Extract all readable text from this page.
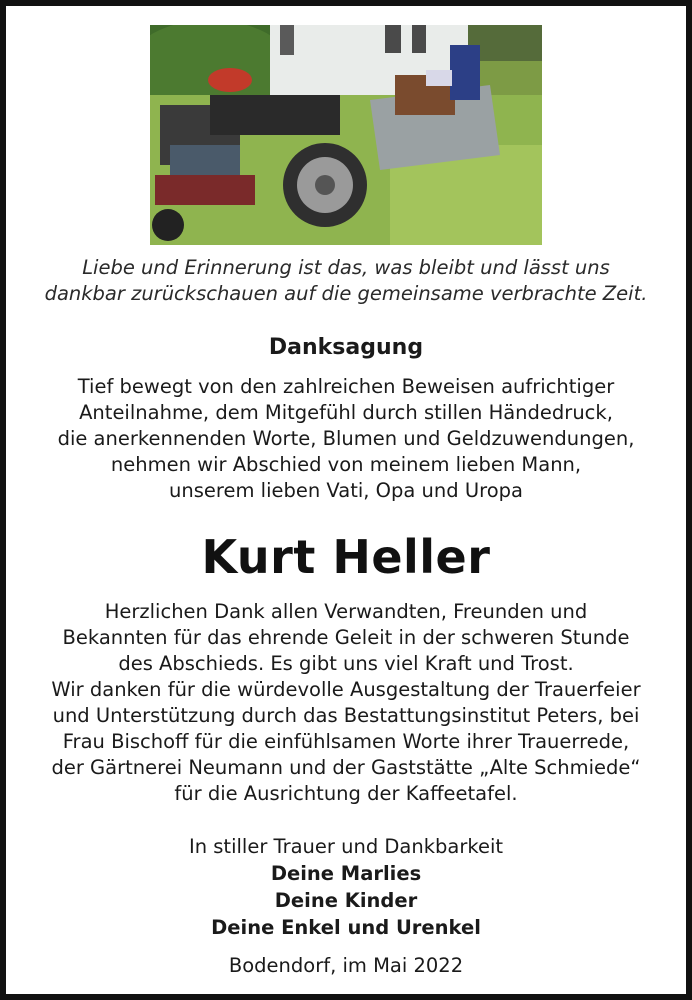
Liebe und Erinnerung ist das, was bleibt und lässt uns
dankbar zurückschauen auf die gemeinsame verbrachte Zeit.
Danksagung
Tief bewegt von den zahlreichen Beweisen aufrichtiger
Anteilnahme, dem Mitgefühl durch stillen Händedruck,
die anerkennenden Worte, Blumen und Geldzuwendungen,
nehmen wir Abschied von meinem lieben Mann,
unserem lieben Vati, Opa und Uropa
Kurt Heller
Herzlichen Dank allen Verwandten, Freunden und
Bekannten für das ehrende Geleit in der schweren Stunde
des Abschieds. Es gibt uns viel Kraft und Trost.
Wir danken für die würdevolle Ausgestaltung der Trauerfeier
und Unterstützung durch das Bestattungsinstitut Peters, bei
Frau Bischoff für die einfühlsamen Worte ihrer Trauerrede,
der Gärtnerei Neumann und der Gaststätte „Alte Schmiede“
für die Ausrichtung der Kaffeetafel.
In stiller Trauer und Dankbarkeit
Deine Marlies
Deine Kinder
Deine Enkel und Urenkel
Bodendorf, im Mai 2022
